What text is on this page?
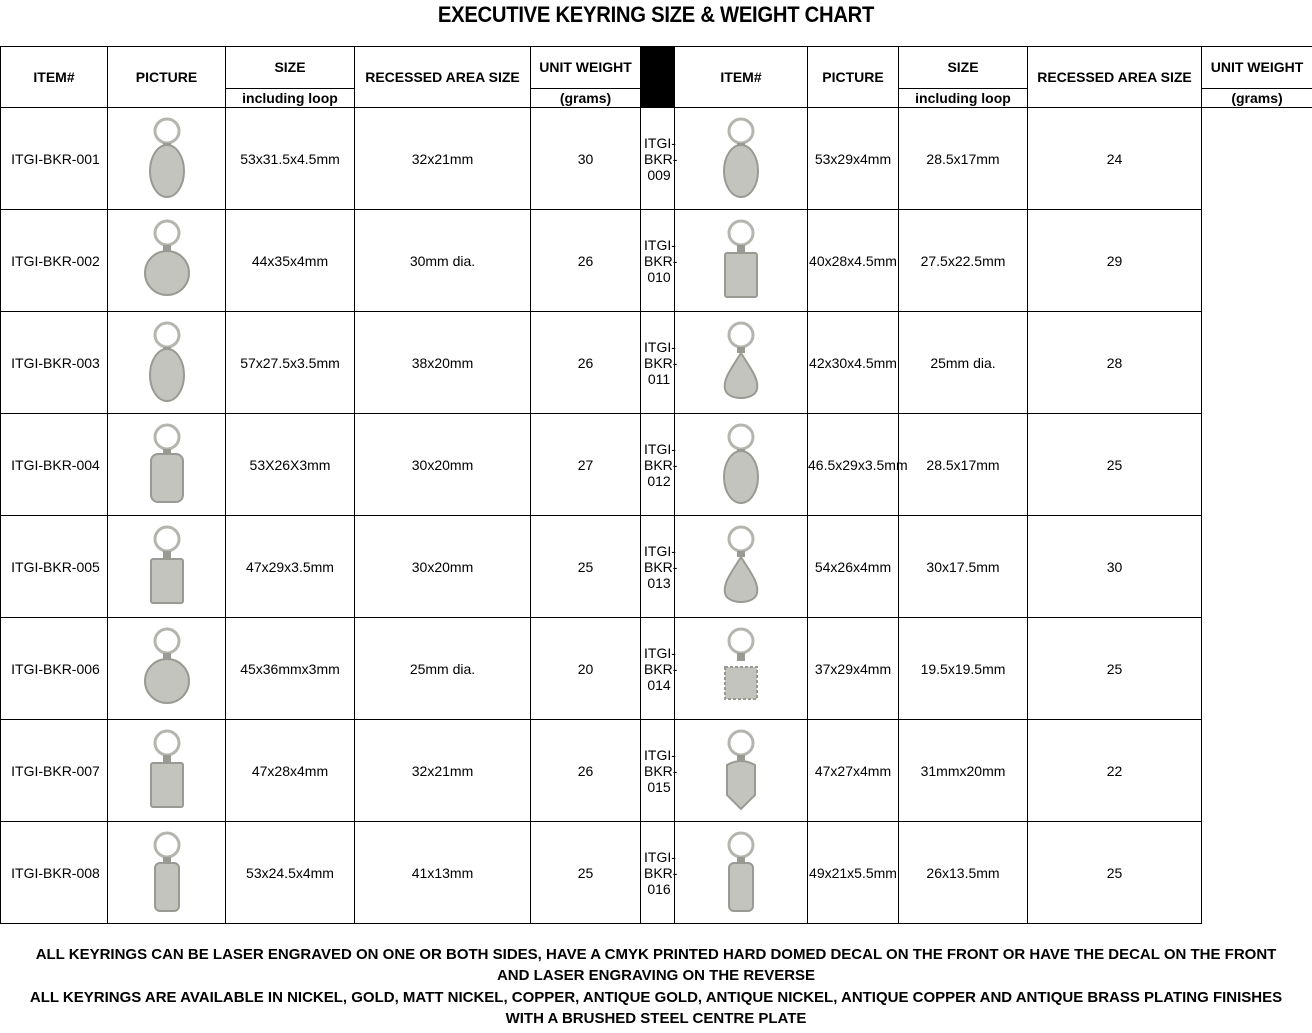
EXECUTIVE KEYRING SIZE & WEIGHT CHART
ITEM#	PICTURE	SIZE	RECESSED AREA SIZE	UNIT WEIGHT		ITEM#	PICTURE	SIZE	RECESSED AREA SIZE	UNIT WEIGHT
		including loop		(grams)				including loop		(grams)
ITGI-BKR-001		53x31.5x4.5mm	32x21mm	30	ITGI-BKR-009		53x29x4mm	28.5x17mm	24	
ITGI-BKR-002		44x35x4mm	30mm dia.	26	ITGI-BKR-010		40x28x4.5mm	27.5x22.5mm	29	
ITGI-BKR-003		57x27.5x3.5mm	38x20mm	26	ITGI-BKR-011		42x30x4.5mm	25mm dia.	28	
ITGI-BKR-004		53X26X3mm	30x20mm	27	ITGI-BKR-012		46.5x29x3.5mm	28.5x17mm	25	
ITGI-BKR-005		47x29x3.5mm	30x20mm	25	ITGI-BKR-013		54x26x4mm	30x17.5mm	30	
ITGI-BKR-006		45x36mmx3mm	25mm dia.	20	ITGI-BKR-014		37x29x4mm	19.5x19.5mm	25	
ITGI-BKR-007		47x28x4mm	32x21mm	26	ITGI-BKR-015		47x27x4mm	31mmx20mm	22	
ITGI-BKR-008		53x24.5x4mm	41x13mm	25	ITGI-BKR-016		49x21x5.5mm	26x13.5mm	25	

ALL KEYRINGS CAN BE LASER ENGRAVED ON ONE OR BOTH SIDES, HAVE A CMYK PRINTED HARD DOMED DECAL ON THE FRONT OR HAVE THE DECAL ON THE FRONT AND LASER ENGRAVING ON THE REVERSE

ALL KEYRINGS ARE AVAILABLE IN NICKEL, GOLD, MATT NICKEL, COPPER, ANTIQUE GOLD, ANTIQUE NICKEL, ANTIQUE COPPER AND ANTIQUE BRASS PLATING FINISHES WITH A BRUSHED STEEL CENTRE PLATE
